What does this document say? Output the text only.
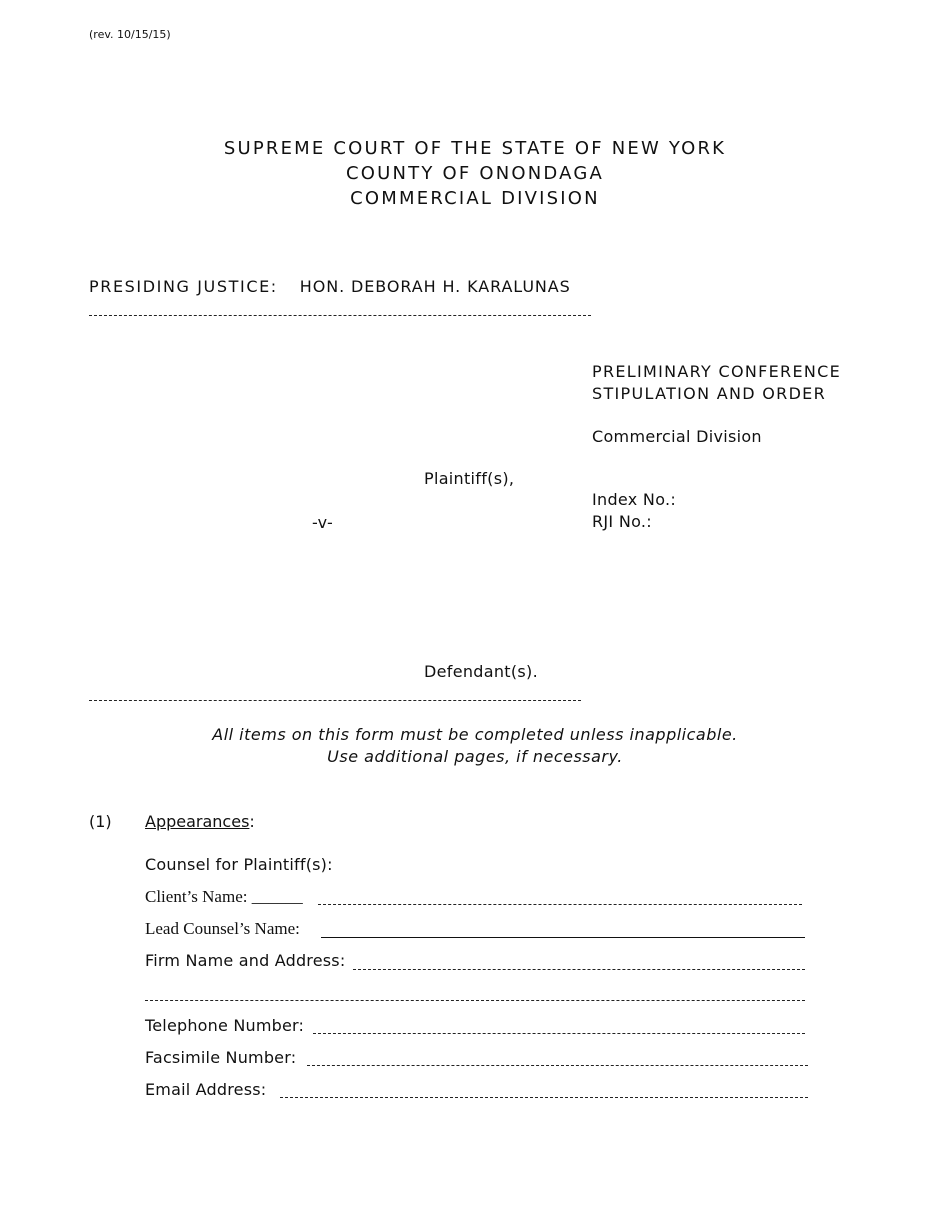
(rev. 10/15/15)
SUPREME COURT OF THE STATE OF NEW YORK
COUNTY OF ONONDAGA
COMMERCIAL DIVISION
PRESIDING JUSTICE: HON. DEBORAH H. KARALUNAS
PRELIMINARY CONFERENCE
STIPULATION AND ORDER
Commercial Division
Plaintiff(s),
Index No.:
-v-	RJI No.:
Defendant(s).
All items on this form must be completed unless inapplicable.
Use additional pages, if necessary.
(1) Appearances:
Counsel for Plaintiff(s):
Client’s Name: ______
Lead Counsel’s Name:
Firm Name and Address:
Telephone Number:
Facsimile Number:
Email Address:
